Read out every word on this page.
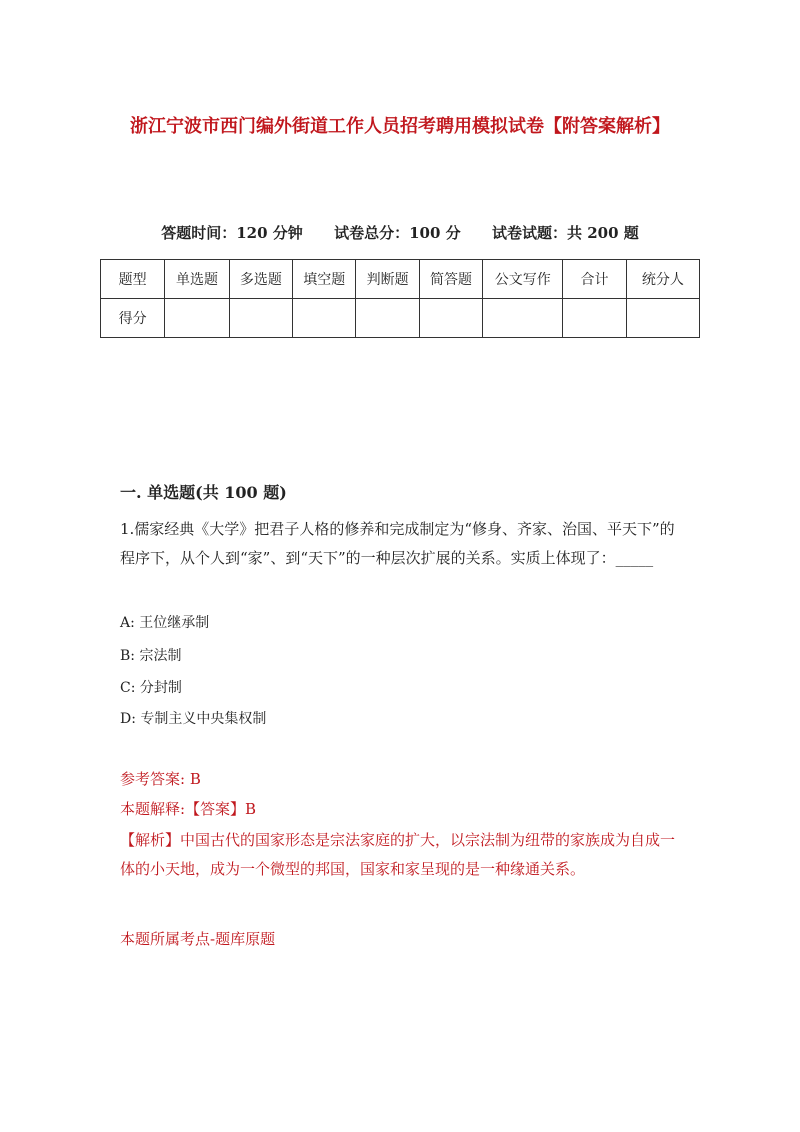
浙江宁波市西门编外街道工作人员招考聘用模拟试卷【附答案解析】
答题时间：120 分钟 试卷总分：100 分 试卷试题：共 200 题
题型	单选题	多选题	填空题	判断题	简答题	公文写作	合计	统分人
得分								
一. 单选题(共 100 题)
1.儒家经典《大学》把君子人格的修养和完成制定为“修身、齐家、治国、平天下”的程序下，从个人到“家”、到“天下”的一种层次扩展的关系。实质上体现了：_____
A: 王位继承制
B: 宗法制
C: 分封制
D: 专制主义中央集权制
参考答案: B
本题解释:【答案】B
【解析】中国古代的国家形态是宗法家庭的扩大，以宗法制为纽带的家族成为自成一体的小天地，成为一个微型的邦国，国家和家呈现的是一种缘通关系。
本题所属考点-题库原题
